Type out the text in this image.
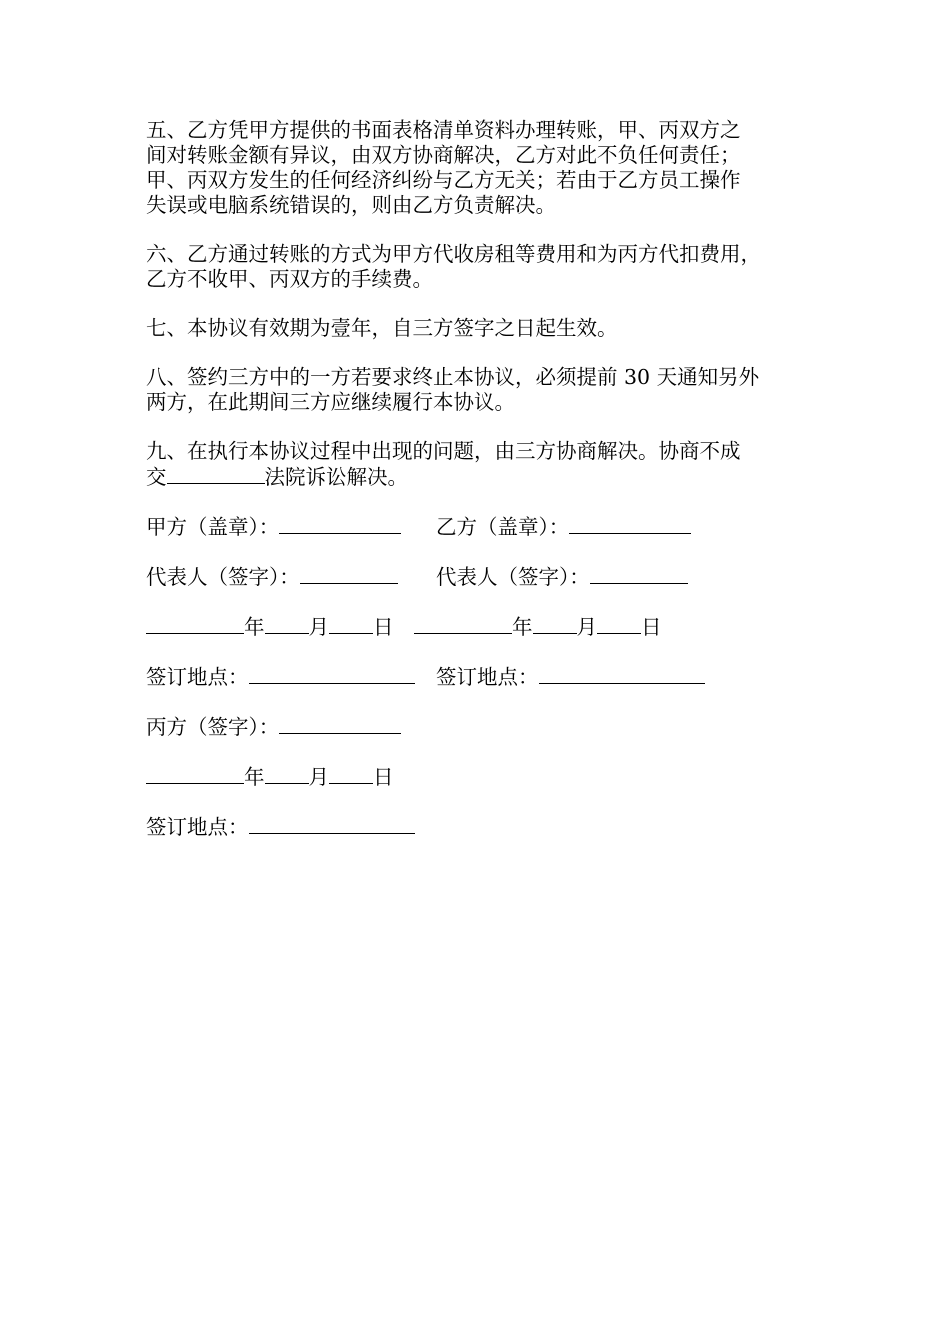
五、乙方凭甲方提供的书面表格清单资料办理转账，甲、丙双方之
间对转账金额有异议，由双方协商解决，乙方对此不负任何责任；
甲、丙双方发生的任何经济纠纷与乙方无关；若由于乙方员工操作
失误或电脑系统错误的，则由乙方负责解决。

六、乙方通过转账的方式为甲方代收房租等费用和为丙方代扣费用，
乙方不收甲、丙双方的手续费。

七、本协议有效期为壹年，自三方签字之日起生效。

八、签约三方中的一方若要求终止本协议，必须提前 30 天通知另外
两方，在此期间三方应继续履行本协议。

九、在执行本协议过程中出现的问题，由三方协商解决。协商不成
交	法院诉讼解决。

甲方（盖章）：	乙方（盖章）：
代表人（签字）：	代表人（签字）：
年 月 日	年 月 日
签订地点：	签订地点：
丙方（签字）：
年 月 日
签订地点：
